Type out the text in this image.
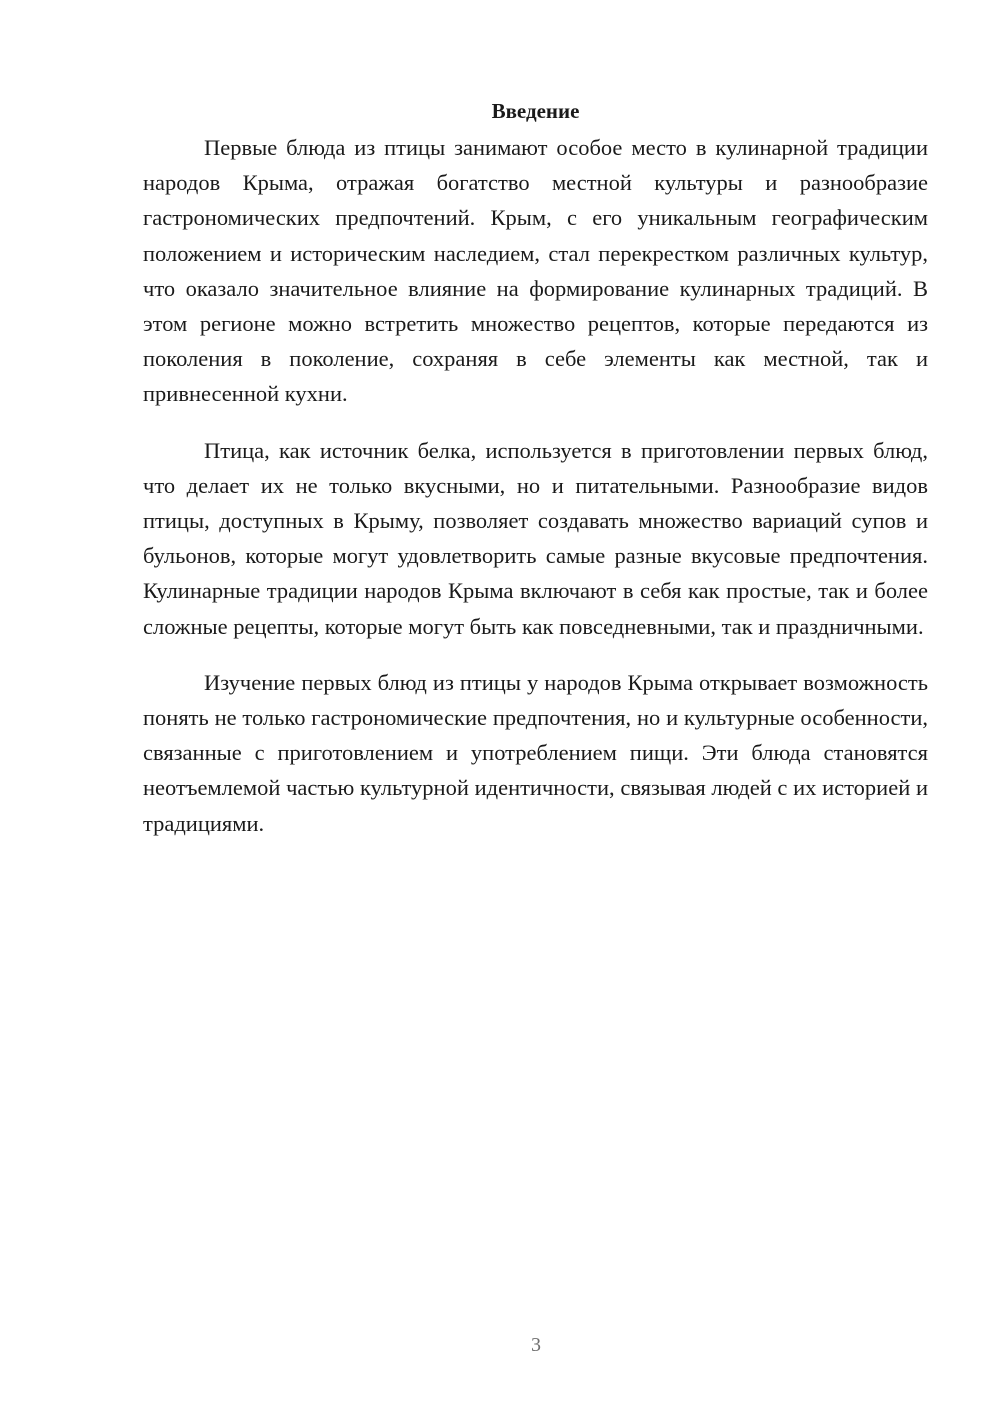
Введение

Первые блюда из птицы занимают особое место в кулинарной традиции народов Крыма, отражая богатство местной культуры и разнообразие гастрономических предпочтений. Крым, с его уникальным географическим положением и историческим наследием, стал перекрестком различных культур, что оказало значительное влияние на формирование кулинарных традиций. В этом регионе можно встретить множество рецептов, которые передаются из поколения в поколение, сохраняя в себе элементы как местной, так и привнесенной кухни.

Птица, как источник белка, используется в приготовлении первых блюд, что делает их не только вкусными, но и питательными. Разнообразие видов птицы, доступных в Крыму, позволяет создавать множество вариаций супов и бульонов, которые могут удовлетворить самые разные вкусовые предпочтения. Кулинарные традиции народов Крыма включают в себя как простые, так и более сложные рецепты, которые могут быть как повседневными, так и праздничными.

Изучение первых блюд из птицы у народов Крыма открывает возможность понять не только гастрономические предпочтения, но и культурные особенности, связанные с приготовлением и употреблением пищи. Эти блюда становятся неотъемлемой частью культурной идентичности, связывая людей с их историей и традициями.

3
